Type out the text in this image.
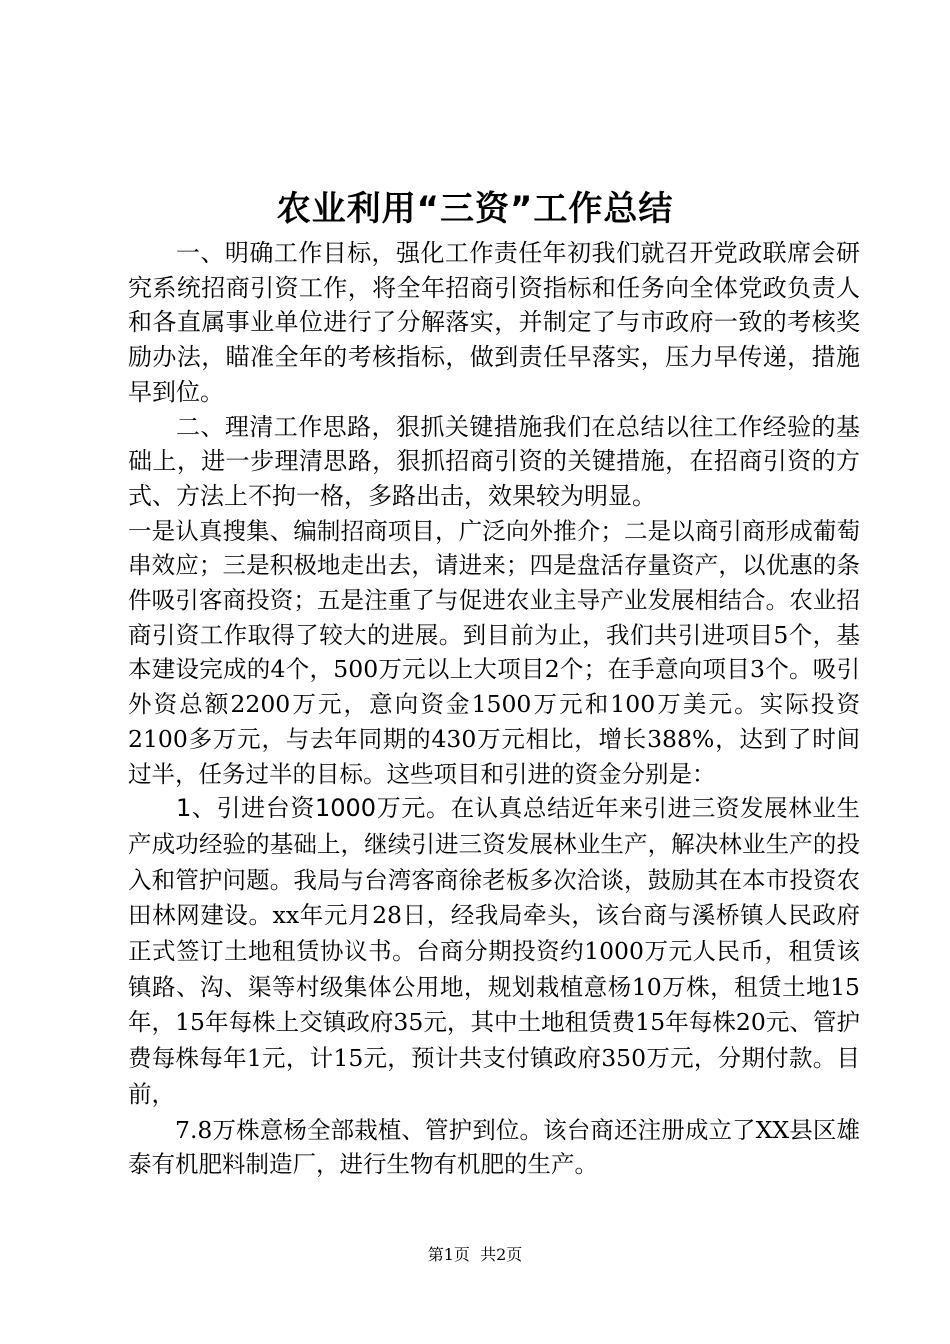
农业利用“三资”工作总结

一、明确工作目标，强化工作责任年初我们就召开党政联席会研究系统招商引资工作，将全年招商引资指标和任务向全体党政负责人和各直属事业单位进行了分解落实，并制定了与市政府一致的考核奖励办法，瞄准全年的考核指标，做到责任早落实，压力早传递，措施早到位。

二、理清工作思路，狠抓关键措施我们在总结以往工作经验的基础上，进一步理清思路，狠抓招商引资的关键措施，在招商引资的方式、方法上不拘一格，多路出击，效果较为明显。

一是认真搜集、编制招商项目，广泛向外推介；二是以商引商形成葡萄串效应；三是积极地走出去，请进来；四是盘活存量资产，以优惠的条件吸引客商投资；五是注重了与促进农业主导产业发展相结合。农业招商引资工作取得了较大的进展。到目前为止，我们共引进项目5个，基本建设完成的4个，500万元以上大项目2个；在手意向项目3个。吸引外资总额2200万元，意向资金1500万元和100万美元。实际投资2100多万元，与去年同期的430万元相比，增长388%，达到了时间过半，任务过半的目标。这些项目和引进的资金分别是：

1、引进台资1000万元。在认真总结近年来引进三资发展林业生产成功经验的基础上，继续引进三资发展林业生产，解决林业生产的投入和管护问题。我局与台湾客商徐老板多次洽谈，鼓励其在本市投资农田林网建设。xx年元月28日，经我局牵头，该台商与溪桥镇人民政府正式签订土地租赁协议书。台商分期投资约1000万元人民币，租赁该镇路、沟、渠等村级集体公用地，规划栽植意杨10万株，租赁土地15年，15年每株上交镇政府35元，其中土地租赁费15年每株20元、管护费每株每年1元，计15元，预计共支付镇政府350万元，分期付款。目前，

7.8万株意杨全部栽植、管护到位。该台商还注册成立了XX县区雄泰有机肥料制造厂，进行生物有机肥的生产。

第1页 共2页
